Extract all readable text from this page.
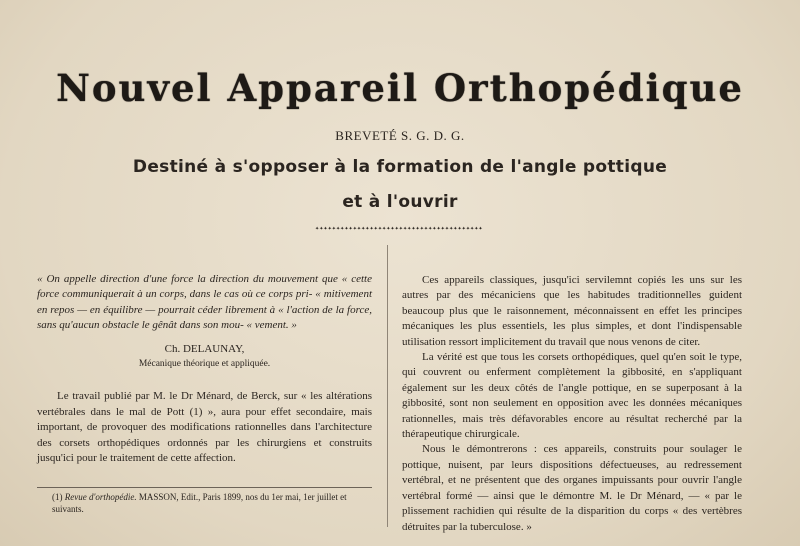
Nouvel Appareil Orthopédique
BREVETÉ S. G. D. G.
Destiné à s'opposer à la formation de l'angle pottique
et à l'ouvrir
✦✦✦✦✦✦✦✦✦✦✦✦✦✦✦✦✦✦✦✦✦✦✦✦✦✦✦✦✦✦✦✦✦✦✦✦✦✦✦✦

« On appelle direction d'une force la direction du mouvement que « cette force communiquerait à un corps, dans le cas où ce corps pri- « mitivement en repos — en équilibre — pourrait céder librement à « l'action de la force, sans qu'aucun obstacle le gênât dans son mou- « vement. »

Ch. DELAUNAY,

Mécanique théorique et appliquée.

Le travail publié par M. le Dr Ménard, de Berck, sur « les altérations vertébrales dans le mal de Pott (1) », aura pour effet secondaire, mais important, de provoquer des modifications rationnelles dans l'architecture des corsets orthopédiques ordonnés par les chirurgiens et construits jusqu'ici pour le traitement de cette affection.

(1) Revue d'orthopédie. MASSON, Edit., Paris 1899, nos du 1er mai, 1er juillet et suivants.

Ces appareils classiques, jusqu'ici servilemnt copiés les uns sur les autres par des mécaniciens que les habitudes traditionnelles guident beaucoup plus que le raisonnement, méconnaissent en effet les principes mécaniques les plus essentiels, les plus simples, et dont l'indispensable utilisation ressort implicitement du travail que nous venons de citer.

La vérité est que tous les corsets orthopédiques, quel qu'en soit le type, qui couvrent ou enferment complètement la gibbosité, en s'appliquant également sur les deux côtés de l'angle pottique, en se superposant à la gibbosité, sont non seulement en opposition avec les données mécaniques rationnelles, mais très défavorables encore au résultat recherché par la thérapeutique chirurgicale.

Nous le démontrerons : ces appareils, construits pour soulager le pottique, nuisent, par leurs dispositions défectueuses, au redressement vertébral, et ne présentent que des organes impuissants pour ouvrir l'angle vertébral formé — ainsi que le démontre M. le Dr Ménard, — « par le plissement rachidien qui résulte de la disparition du corps « des vertèbres détruites par la tuberculose. »
